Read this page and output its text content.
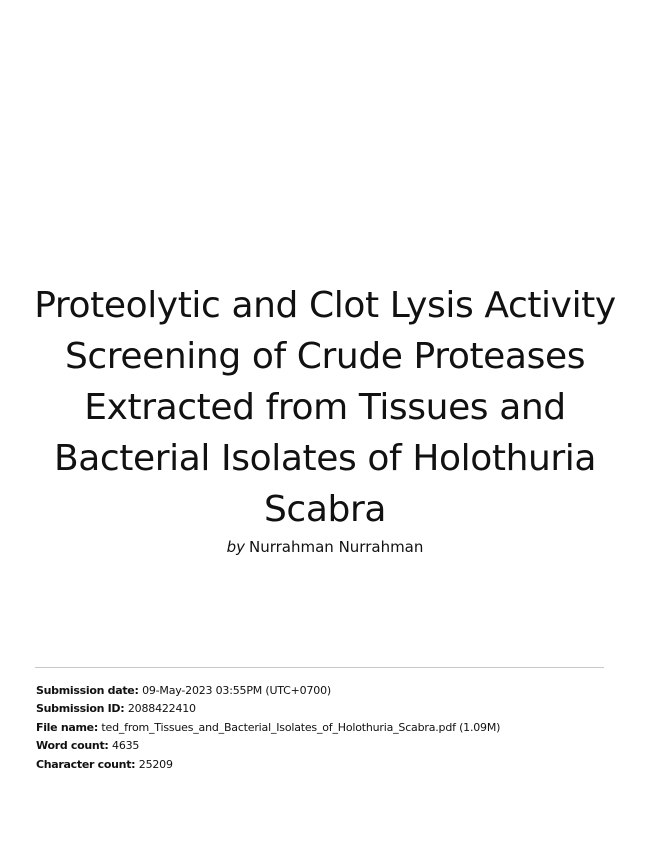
Proteolytic and Clot Lysis Activity Screening of Crude Proteases Extracted from Tissues and Bacterial Isolates of Holothuria Scabra
by Nurrahman Nurrahman
Submission date: 09-May-2023 03:55PM (UTC+0700)
Submission ID: 2088422410
File name: ted_from_Tissues_and_Bacterial_Isolates_of_Holothuria_Scabra.pdf (1.09M)
Word count: 4635
Character count: 25209
